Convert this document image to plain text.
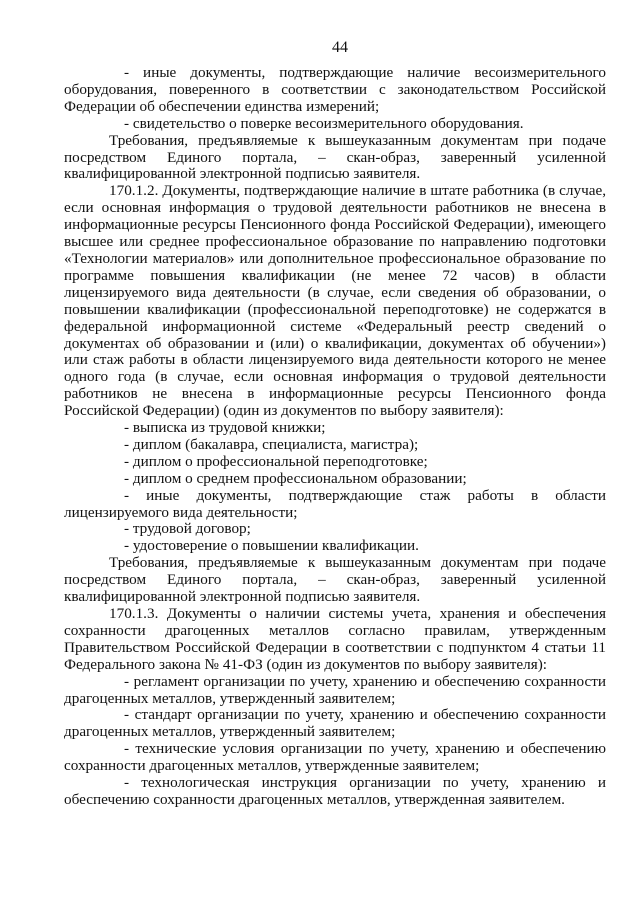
44

- иные документы, подтверждающие наличие весоизмерительного оборудования, поверенного в соответствии с законодательством Российской Федерации об обеспечении единства измерений;

- свидетельство о поверке весоизмерительного оборудования.

Требования, предъявляемые к вышеуказанным документам при подаче посредством Единого портала, – скан-образ, заверенный усиленной квалифицированной электронной подписью заявителя.

170.1.2. Документы, подтверждающие наличие в штате работника (в случае, если основная информация о трудовой деятельности работников не внесена в информационные ресурсы Пенсионного фонда Российской Федерации), имеющего высшее или среднее профессиональное образование по направлению подготовки «Технологии материалов» или дополнительное профессиональное образование по программе повышения квалификации (не менее 72 часов) в области лицензируемого вида деятельности (в случае, если сведения об образовании, о повышении квалификации (профессиональной переподготовке) не содержатся в федеральной информационной системе «Федеральный реестр сведений о документах об образовании и (или) о квалификации, документах об обучении») или стаж работы в области лицензируемого вида деятельности которого не менее одного года (в случае, если основная информация о трудовой деятельности работников не внесена в информационные ресурсы Пенсионного фонда Российской Федерации) (один из документов по выбору заявителя):

- выписка из трудовой книжки;

- диплом (бакалавра, специалиста, магистра);

- диплом о профессиональной переподготовке;

- диплом о среднем профессиональном образовании;

- иные документы, подтверждающие стаж работы в области лицензируемого вида деятельности;

- трудовой договор;

- удостоверение о повышении квалификации.

Требования, предъявляемые к вышеуказанным документам при подаче посредством Единого портала, – скан-образ, заверенный усиленной квалифицированной электронной подписью заявителя.

170.1.3. Документы о наличии системы учета, хранения и обеспечения сохранности драгоценных металлов согласно правилам, утвержденным Правительством Российской Федерации в соответствии с подпунктом 4 статьи 11 Федерального закона № 41-ФЗ (один из документов по выбору заявителя):

- регламент организации по учету, хранению и обеспечению сохранности драгоценных металлов, утвержденный заявителем;

- стандарт организации по учету, хранению и обеспечению сохранности драгоценных металлов, утвержденный заявителем;

- технические условия организации по учету, хранению и обеспечению сохранности драгоценных металлов, утвержденные заявителем;

- технологическая инструкция организации по учету, хранению и обеспечению сохранности драгоценных металлов, утвержденная заявителем.
